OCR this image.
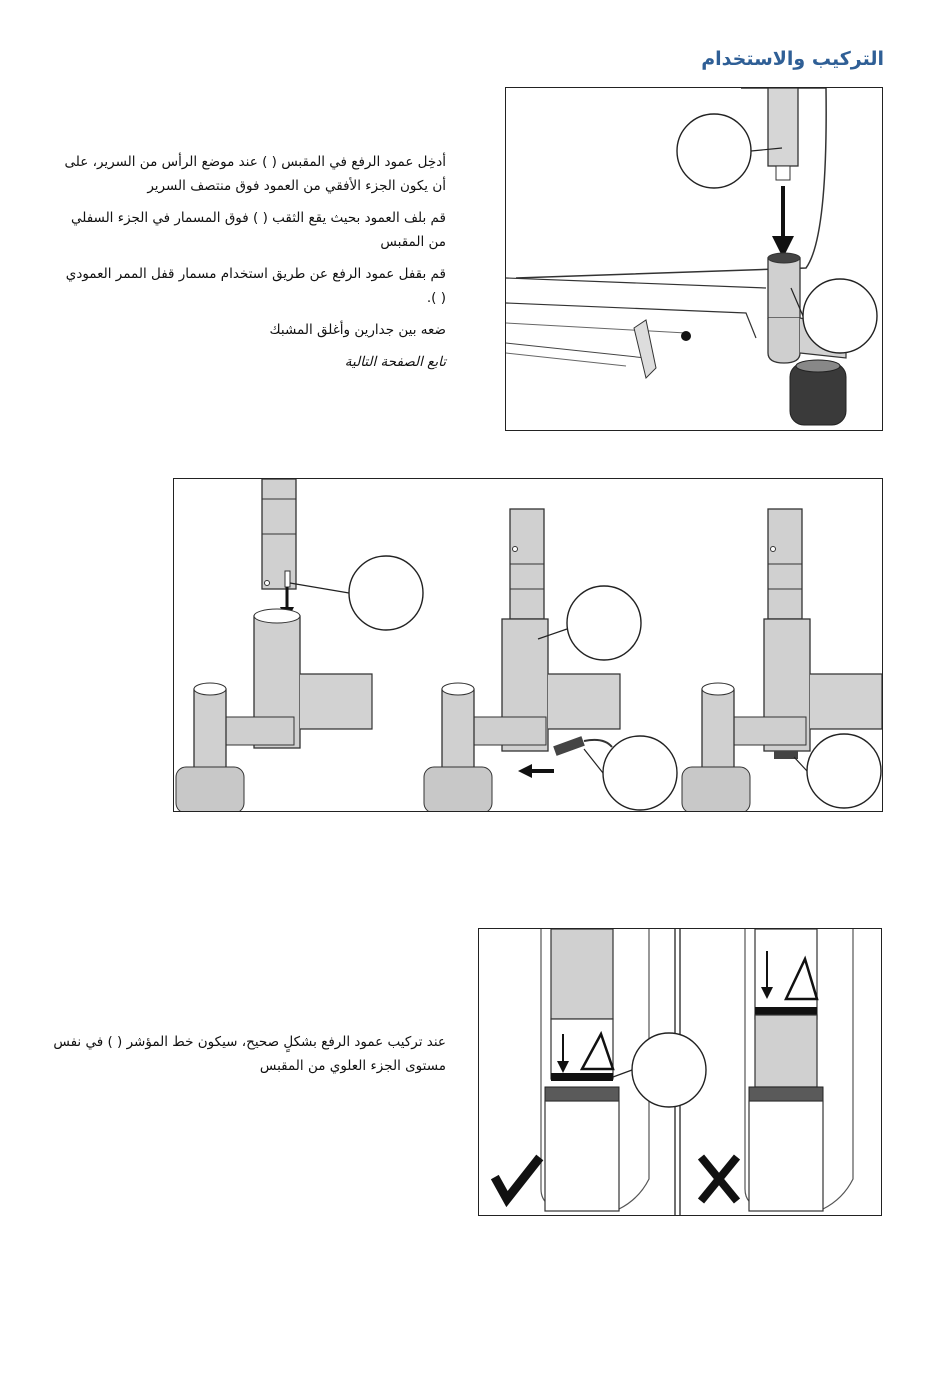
التركيب والاستخدام

أدخِل عمود الرفع في المقبس ( ) عند موضع الرأس من السرير، على أن يكون الجزء الأفقي من العمود فوق منتصف السرير

قم بلف العمود بحيث يقع الثقب ( ) فوق المسمار في الجزء السفلي من المقبس

قم بقفل عمود الرفع عن طريق استخدام مسمار قفل الممر العمودي ( ).

ضعه بين جدارين وأغلق المشبك

تابع الصفحة التالية

عند تركيب عمود الرفع بشكلٍ صحيح، سيكون خط المؤشر ( ) في نفس مستوى الجزء العلوي من المقبس
